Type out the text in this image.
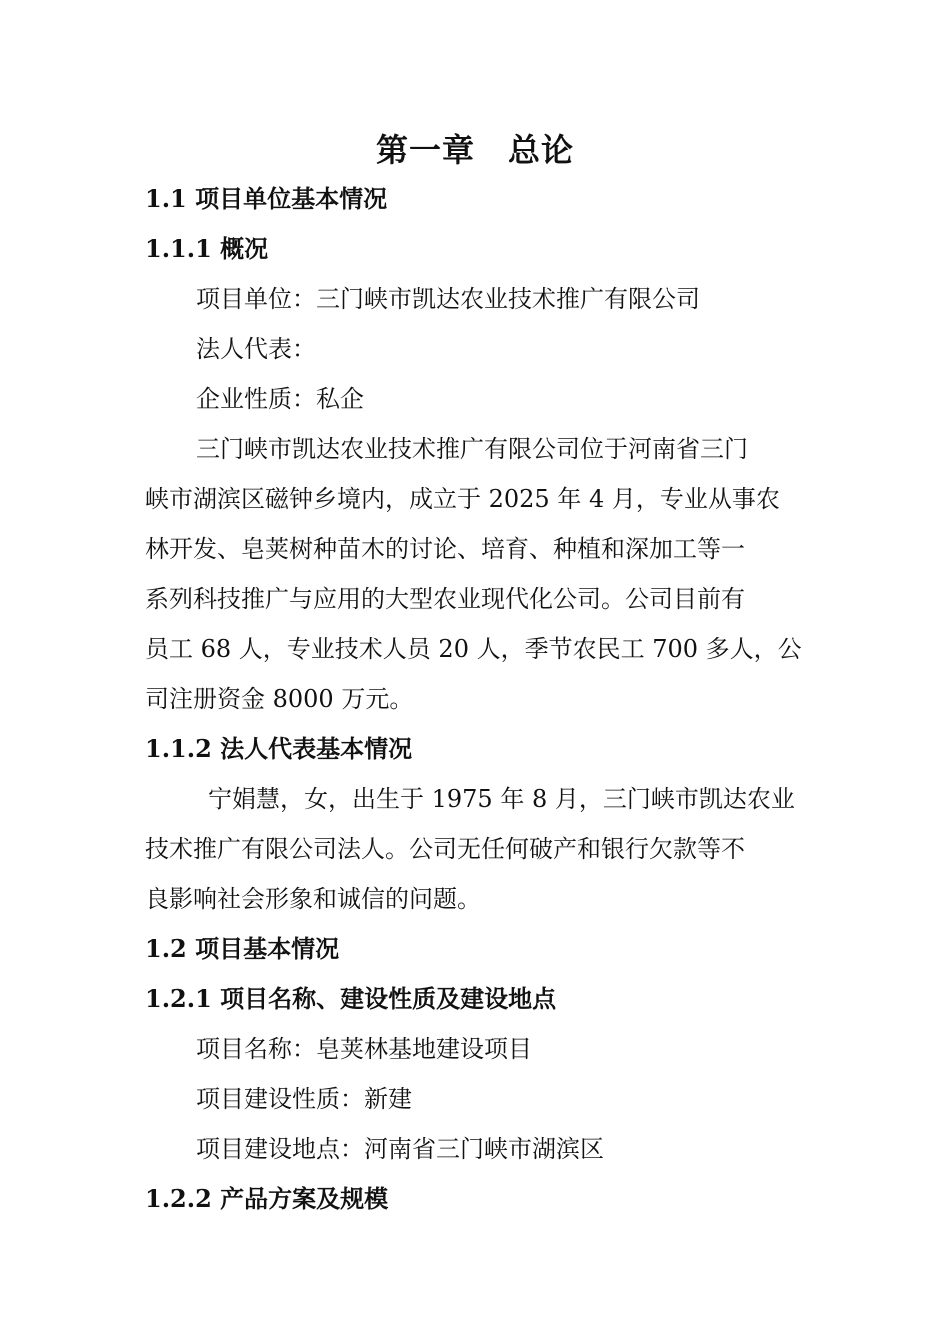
第一章　总论
1.1 项目单位基本情况
1.1.1 概况
项目单位：三门峡市凯达农业技术推广有限公司
法人代表：
企业性质：私企
三门峡市凯达农业技术推广有限公司位于河南省三门
峡市湖滨区磁钟乡境内，成立于 2025 年 4 月，专业从事农
林开发、皂荚树种苗木的讨论、培育、种植和深加工等一
系列科技推广与应用的大型农业现代化公司。公司目前有
员工 68 人，专业技术人员 20 人，季节农民工 700 多人，公
司注册资金 8000 万元。
1.1.2 法人代表基本情况
宁娟慧，女，出生于 1975 年 8 月，三门峡市凯达农业
技术推广有限公司法人。公司无任何破产和银行欠款等不
良影响社会形象和诚信的问题。
1.2 项目基本情况
1.2.1 项目名称、建设性质及建设地点
项目名称：皂荚林基地建设项目
项目建设性质：新建
项目建设地点：河南省三门峡市湖滨区
1.2.2 产品方案及规模
